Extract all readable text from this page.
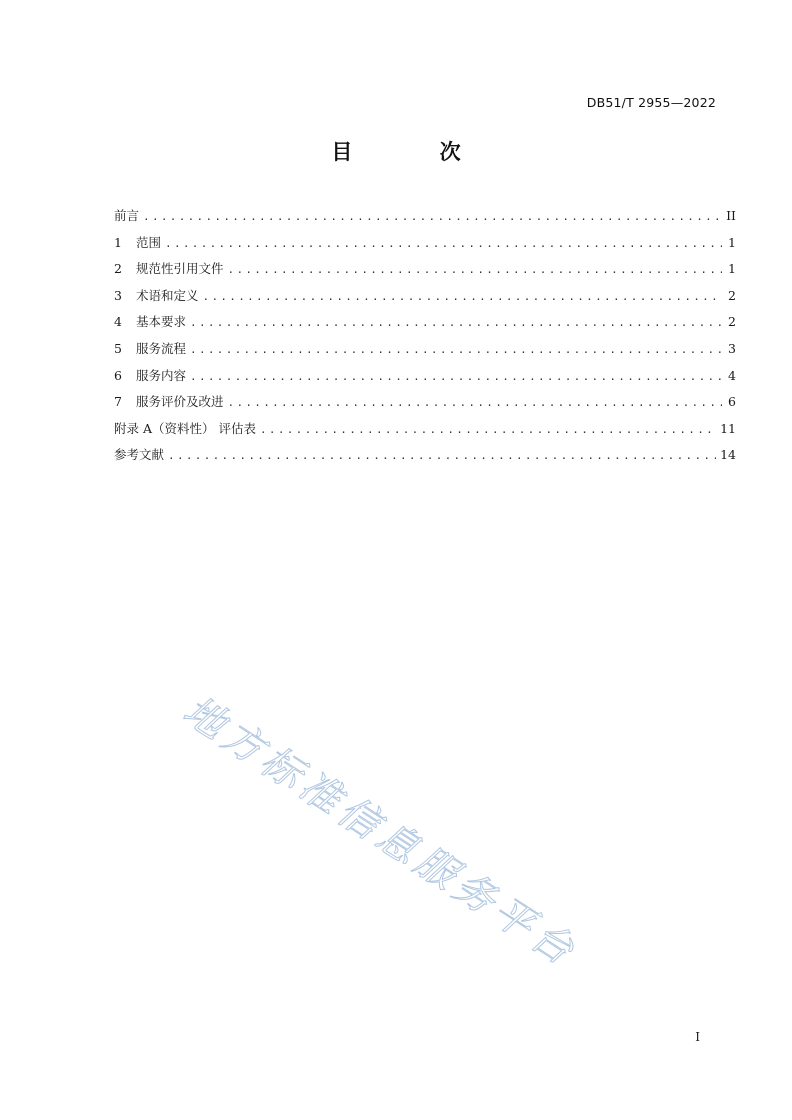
DB51/T 2955—2022
目 次
前言 .....	II
1	范围 .....	1
2	规范性引用文件 .....	1
3	术语和定义 .....	2
4	基本要求 .....	2
5	服务流程 .....	3
6	服务内容 .....	4
7	服务评价及改进 .....	6
附录 A（资料性） 评估表 .....	11
参考文献 .....	14
地方标准信息服务平台
I
